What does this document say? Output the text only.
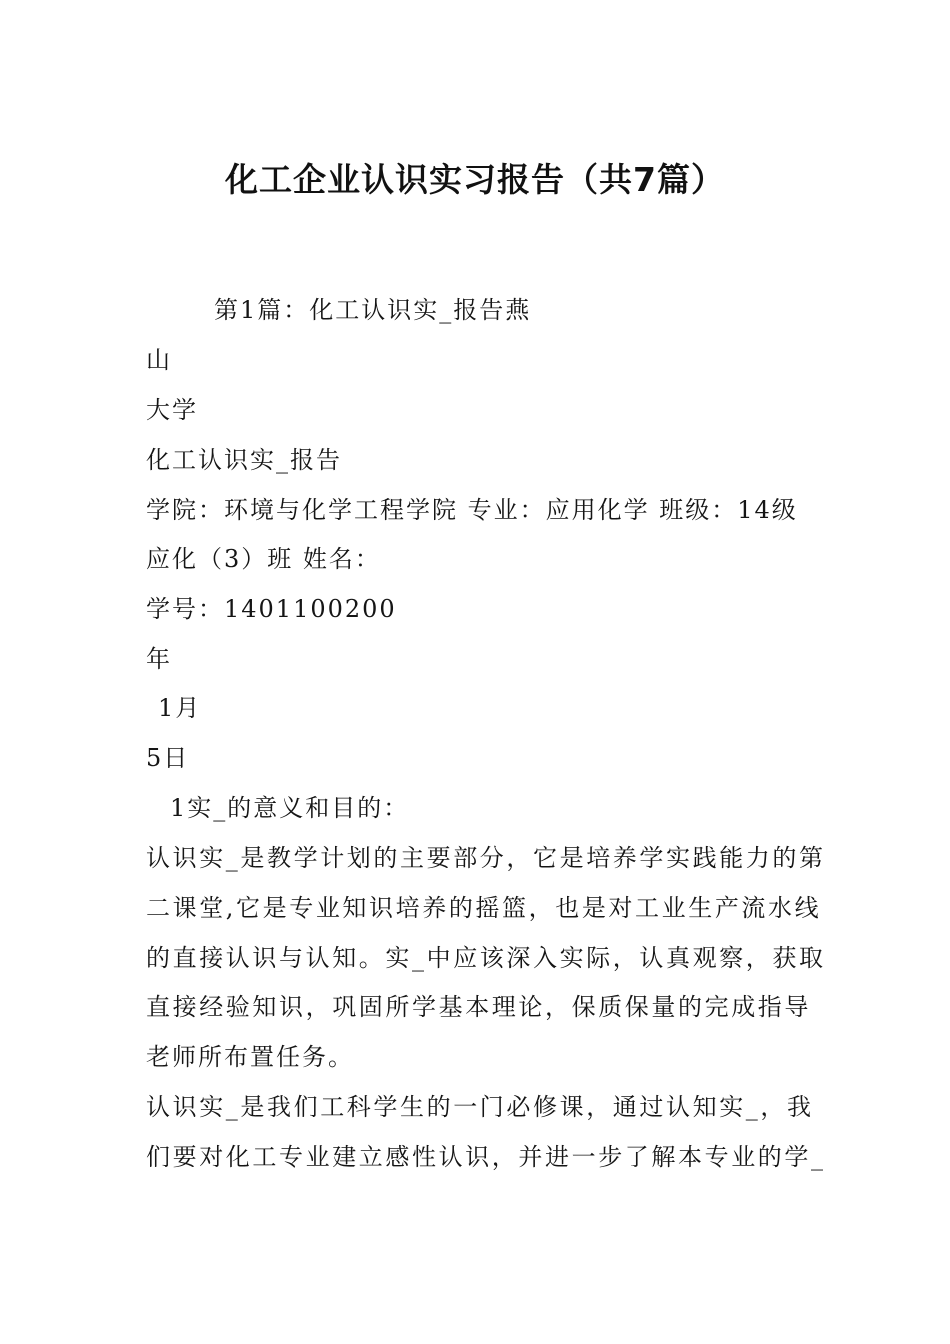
化工企业认识实习报告（共7篇）

第1篇：化工认识实_报告燕

山

大学

化工认识实_报告

学院：环境与化学工程学院 专业：应用化学 班级：14级

应化（3）班 姓名：

学号：1401100200

年

1月

5日

1实_的意义和目的：

认识实_是教学计划的主要部分，它是培养学实践能力的第

二课堂,它是专业知识培养的摇篮，也是对工业生产流水线

的直接认识与认知。实_中应该深入实际，认真观察，获取

直接经验知识，巩固所学基本理论，保质保量的完成指导

老师所布置任务。

认识实_是我们工科学生的一门必修课，通过认知实_，我

们要对化工专业建立感性认识，并进一步了解本专业的学_
